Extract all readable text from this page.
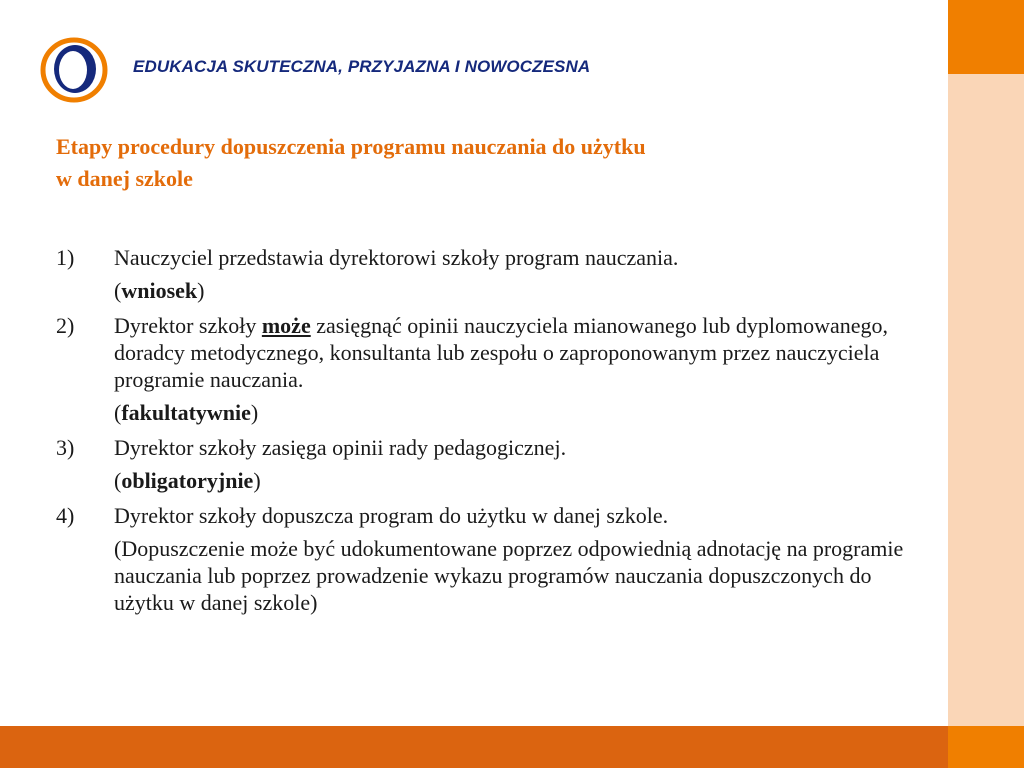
EDUKACJA SKUTECZNA, PRZYJAZNA I NOWOCZESNA
Etapy procedury dopuszczenia programu nauczania do użytku
w danej szkole
1) Nauczyciel przedstawia dyrektorowi szkoły program nauczania.
(wniosek)
2) Dyrektor szkoły może zasięgnąć opinii nauczyciela mianowanego lub dyplomowanego, doradcy metodycznego, konsultanta lub zespołu o zaproponowanym przez nauczyciela programie nauczania.
(fakultatywnie)
3) Dyrektor szkoły zasięga opinii rady pedagogicznej.
(obligatoryjnie)
4) Dyrektor szkoły dopuszcza program do użytku w danej szkole.
(Dopuszczenie może być udokumentowane poprzez odpowiednią adnotację na programie nauczania lub poprzez prowadzenie wykazu programów nauczania dopuszczonych do użytku w danej szkole)
